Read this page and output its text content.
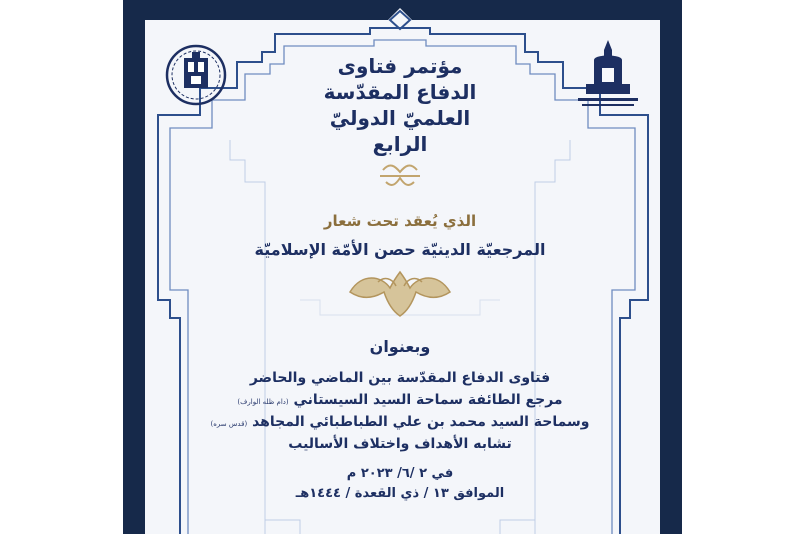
مؤتمر فتاوى
الدفاع المقدّسة
العلميّ الدوليّ
الرابع
الذي يُعقد تحت شعار
المرجعيّة الدينيّة حصن الأمّة الإسلاميّة
وبعنوان
فتاوى الدفاع المقدّسة بين الماضي والحاضر
مرجع الطائفة سماحة السيد السيستاني (دام ظله الوارف)
وسماحة السيد محمد بن علي الطباطبائي المجاهد (قدس سره)
تشابه الأهداف واختلاف الأساليب
في ٢ /٦/ ٢٠٢٣ م
الموافق ١٣ / ذي القعدة / ١٤٤٤هـ
